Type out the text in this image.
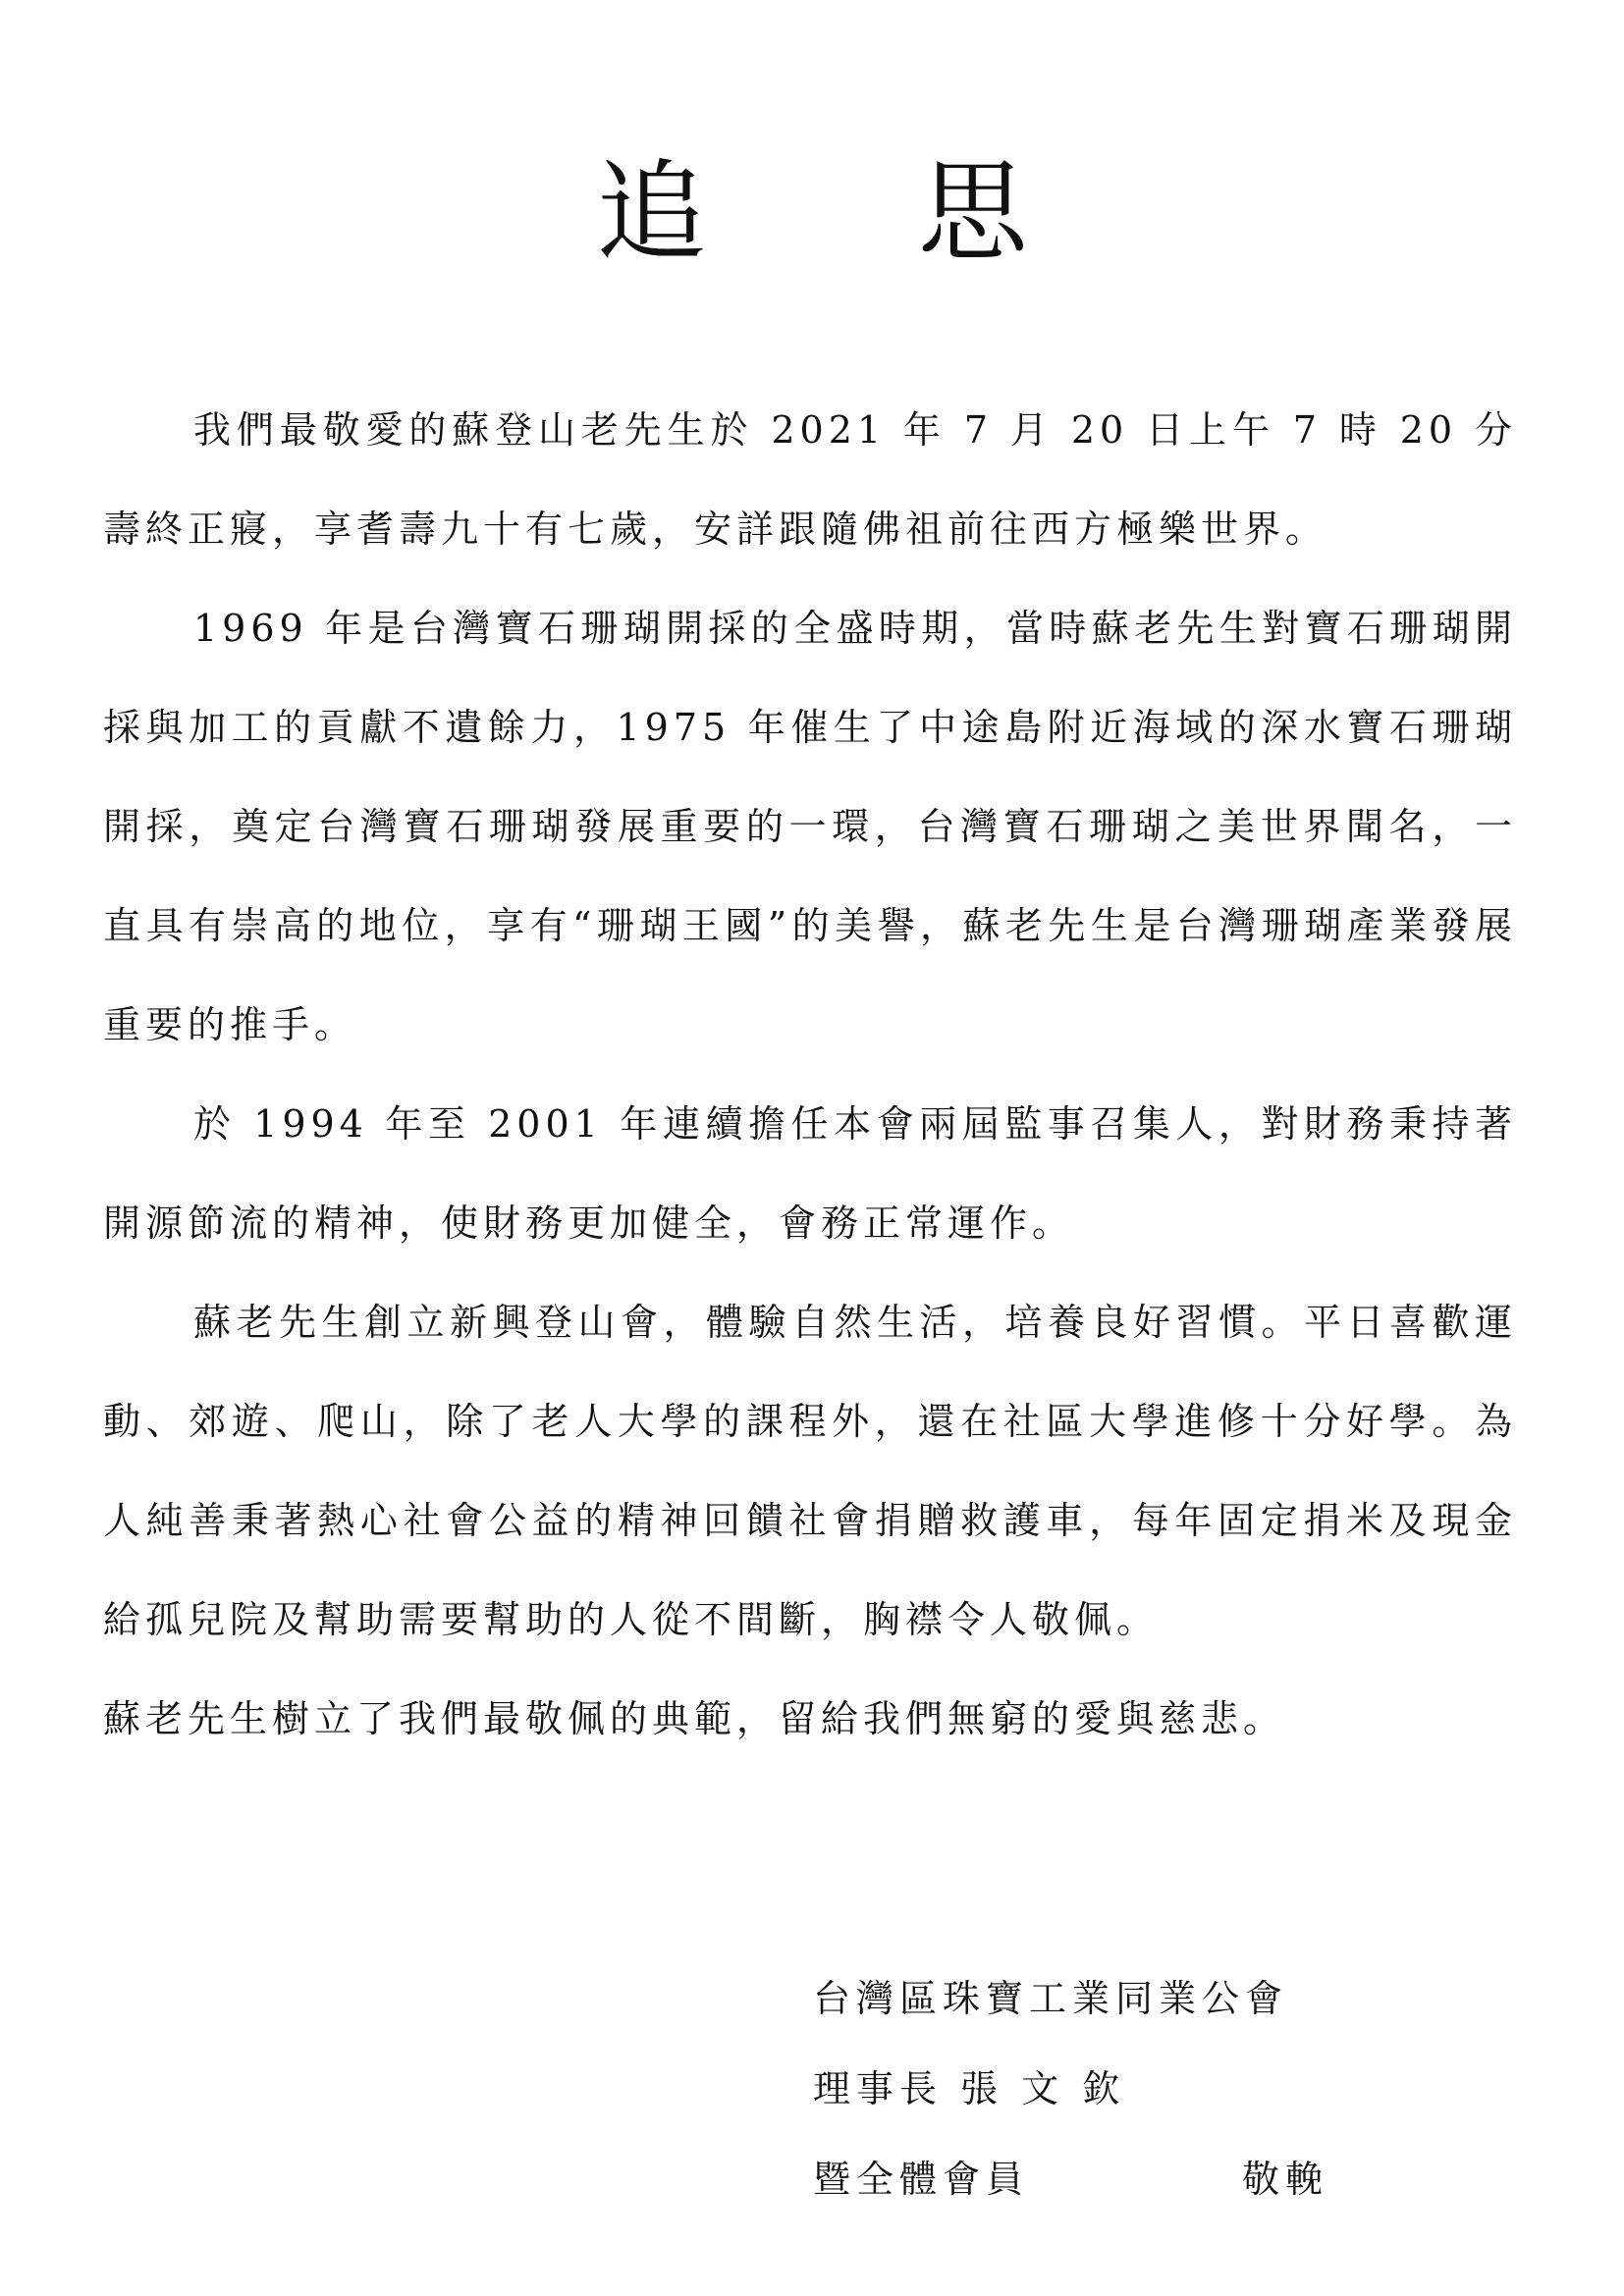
追 思

我們最敬愛的蘇登山老先生於 2021 年 7 月 20 日上午 7 時 20 分壽終正寢，享耆壽九十有七歲，安詳跟隨佛祖前往西方極樂世界。

1969 年是台灣寶石珊瑚開採的全盛時期，當時蘇老先生對寶石珊瑚開採與加工的貢獻不遺餘力，1975 年催生了中途島附近海域的深水寶石珊瑚開採，奠定台灣寶石珊瑚發展重要的一環，台灣寶石珊瑚之美世界聞名，一直具有崇高的地位，享有“珊瑚王國”的美譽，蘇老先生是台灣珊瑚產業發展重要的推手。

於 1994 年至 2001 年連續擔任本會兩屆監事召集人，對財務秉持著開源節流的精神，使財務更加健全，會務正常運作。

蘇老先生創立新興登山會，體驗自然生活，培養良好習慣。平日喜歡運動、郊遊、爬山，除了老人大學的課程外，還在社區大學進修十分好學。為人純善秉著熱心社會公益的精神回饋社會捐贈救護車，每年固定捐米及現金給孤兒院及幫助需要幫助的人從不間斷，胸襟令人敬佩。

蘇老先生樹立了我們最敬佩的典範，留給我們無窮的愛與慈悲。

台灣區珠寶工業同業公會
理事長 張 文 欽
暨全體會員            敬輓
